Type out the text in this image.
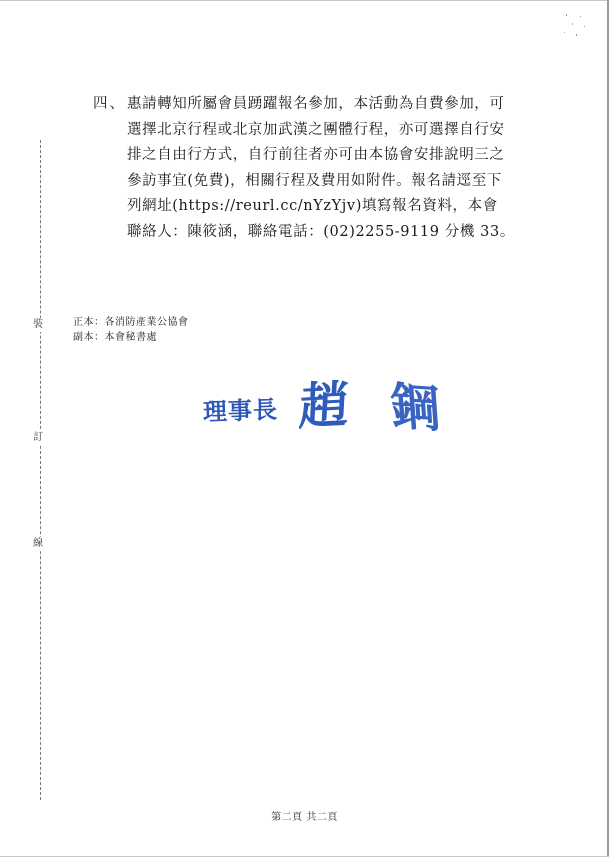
裝
訂
線
四、 惠請轉知所屬會員踴躍報名參加，本活動為自費參加，可
選擇北京行程或北京加武漢之團體行程，亦可選擇自行安
排之自由行方式，自行前往者亦可由本協會安排說明三之
參訪事宜(免費)，相關行程及費用如附件。報名請逕至下
列網址(https://reurl.cc/nYzYjv)填寫報名資料，本會
聯絡人：陳筱涵，聯絡電話：(02)2255-9119 分機 33。
正本：各消防產業公協會
副本：本會秘書處
理事長 趙 鋼
第二頁 共二頁
